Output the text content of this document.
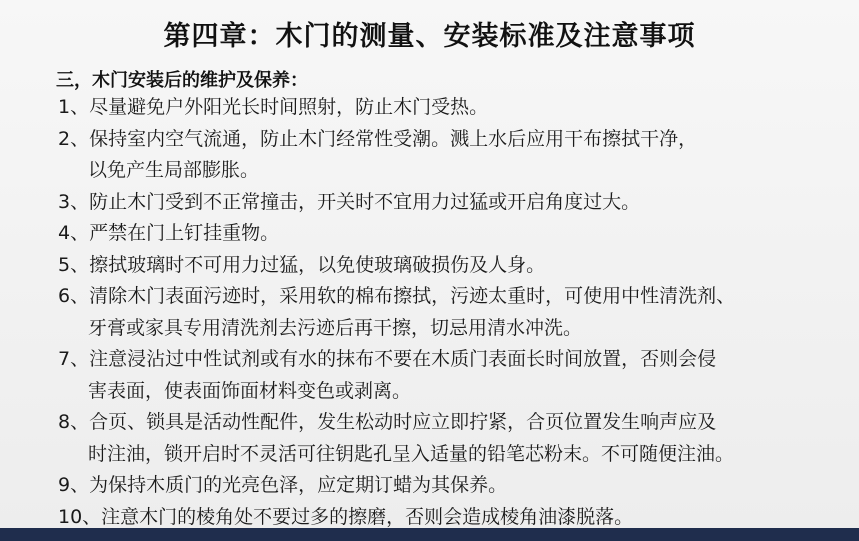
第四章：木门的测量、安装标准及注意事项
三，木门安装后的维护及保养：
1、尽量避免户外阳光长时间照射，防止木门受热。
2、保持室内空气流通，防止木门经常性受潮。溅上水后应用干布擦拭干净，
以免产生局部膨胀。
3、防止木门受到不正常撞击，开关时不宜用力过猛或开启角度过大。
4、严禁在门上钉挂重物。
5、擦拭玻璃时不可用力过猛，以免使玻璃破损伤及人身。
6、清除木门表面污迹时，采用软的棉布擦拭，污迹太重时，可使用中性清洗剂、
牙膏或家具专用清洗剂去污迹后再干擦，切忌用清水冲洗。
7、注意浸沾过中性试剂或有水的抹布不要在木质门表面长时间放置，否则会侵
害表面，使表面饰面材料变色或剥离。
8、合页、锁具是活动性配件，发生松动时应立即拧紧，合页位置发生响声应及
时注油，锁开启时不灵活可往钥匙孔呈入适量的铅笔芯粉末。不可随便注油。
9、为保持木质门的光亮色泽，应定期订蜡为其保养。
10、注意木门的棱角处不要过多的擦磨，否则会造成棱角油漆脱落。
